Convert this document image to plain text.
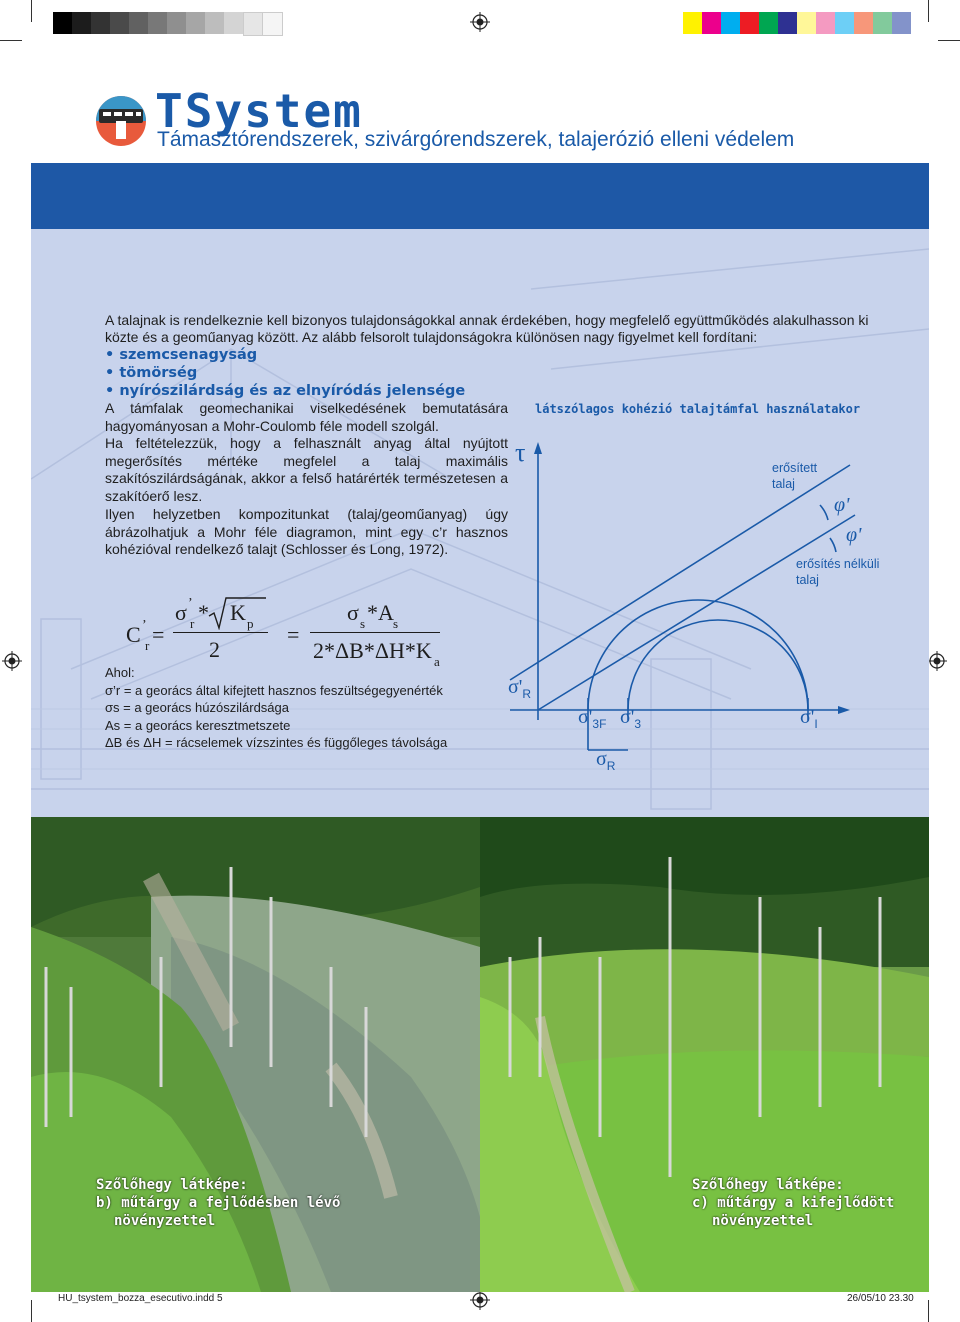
TSystem
Támasztórendszerek, szivárgórendszerek, talajerózió elleni védelem
A talajnak is rendelkeznie kell bizonyos tulajdonságokkal annak érdekében, hogy megfelelő együttműködés alakulhasson ki közte és a geoműanyag között. Az alább felsorolt tulajdonságokra különösen nagy figyelmet kell fordítani:
• szemcsenagyság
• tömörség
• nyírószilárdság és az elnyíródás jelensége
A támfalak geomechanikai viselkedésének bemutatására hagyományosan a Mohr-Coulomb féle modell szolgál.
Ha feltételezzük, hogy a felhasznált anyag által nyújtott megerősítés mértéke megfelel a talaj maximális szakítószilárdságának, akkor a felső határérték természetesen a szakítóerő lesz.
Ilyen helyzetben kompozitunkat (talaj/geoműanyag) úgy ábrázolhatjuk a Mohr féle diagramon, mint egy c’r hasznos kohézióval rendelkező talajt (Schlosser és Long, 1972).
C ’
r =
σ ’
r * K p
2
=
σ s *A s
2*ΔB*ΔH*K a
Ahol:
σ’r = a georács által kifejtett hasznos feszültségegyenérték
σs = a georács húzószilárdsága
As = a georács keresztmetszete
ΔB és ΔH = rácselemek vízszintes és függőleges távolsága
látszólagos kohézió talajtámfal használatakor
τ
erősített
talaj
erősítés nélküli
talaj
φ'
φ'
$\sigma'_R$
$\sigma'_{3F}$ $\sigma'_3$	$\sigma'_I$
$\sigma_R$
Szőlőhegy látképe:
b) műtárgy a fejlődésben lévő
növényzettel
Szőlőhegy látképe:
c) műtárgy a kifejlődött
növényzettel
HU_tsystem_bozza_esecutivo.indd 5	26/05/10 23.30
